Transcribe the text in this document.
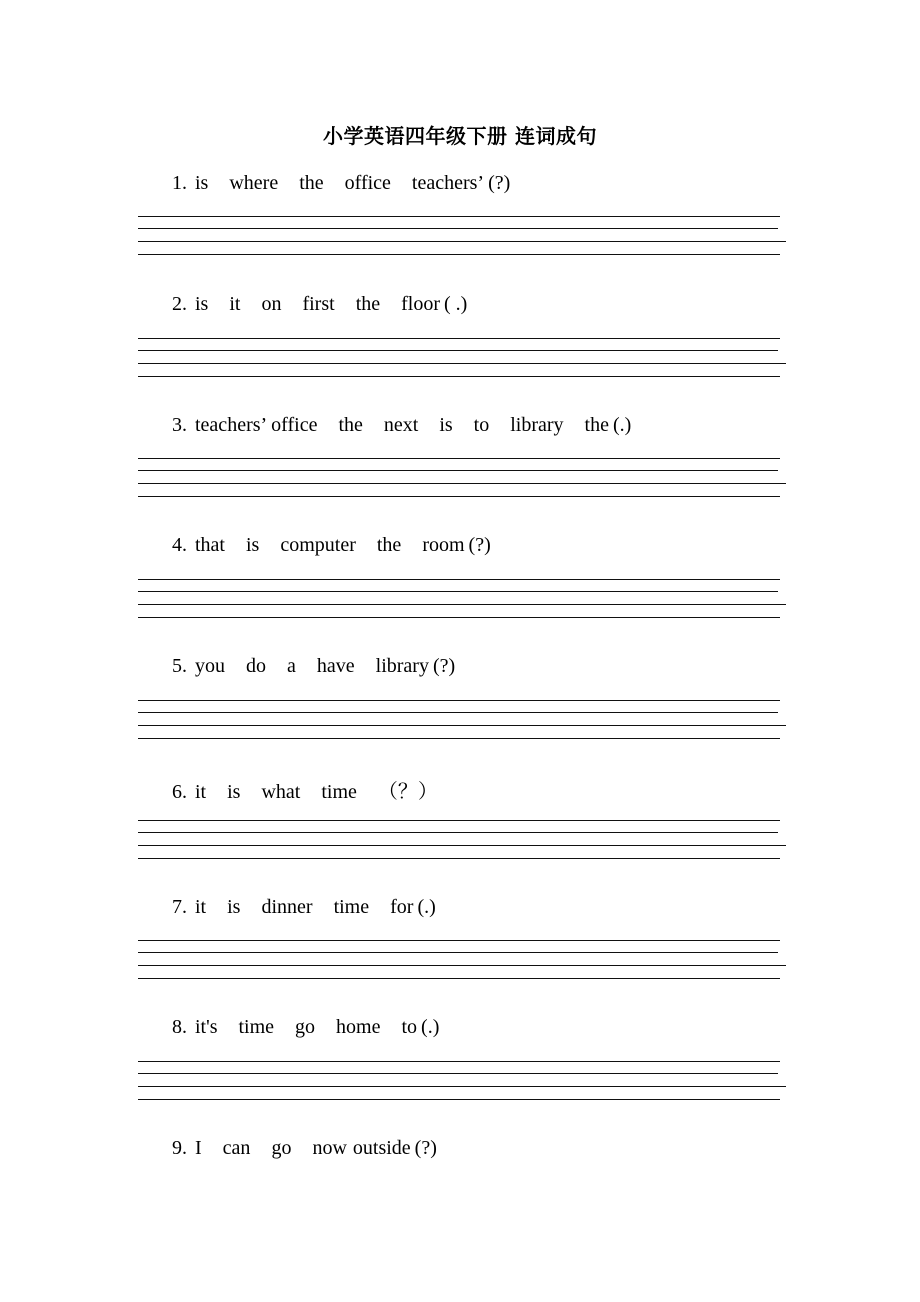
小学英语四年级下册 连词成句
1. is where the office teachers’ (?)
2. is it on first the floor ( .)
3. teachers’ office the next is to library the (.)
4. that is computer the room (?)
5. you do a have library (?)
6. it is what time （？）
7. it is dinner time for (.)
8. it's time go home to (.)
9. I can go now outside (?)
